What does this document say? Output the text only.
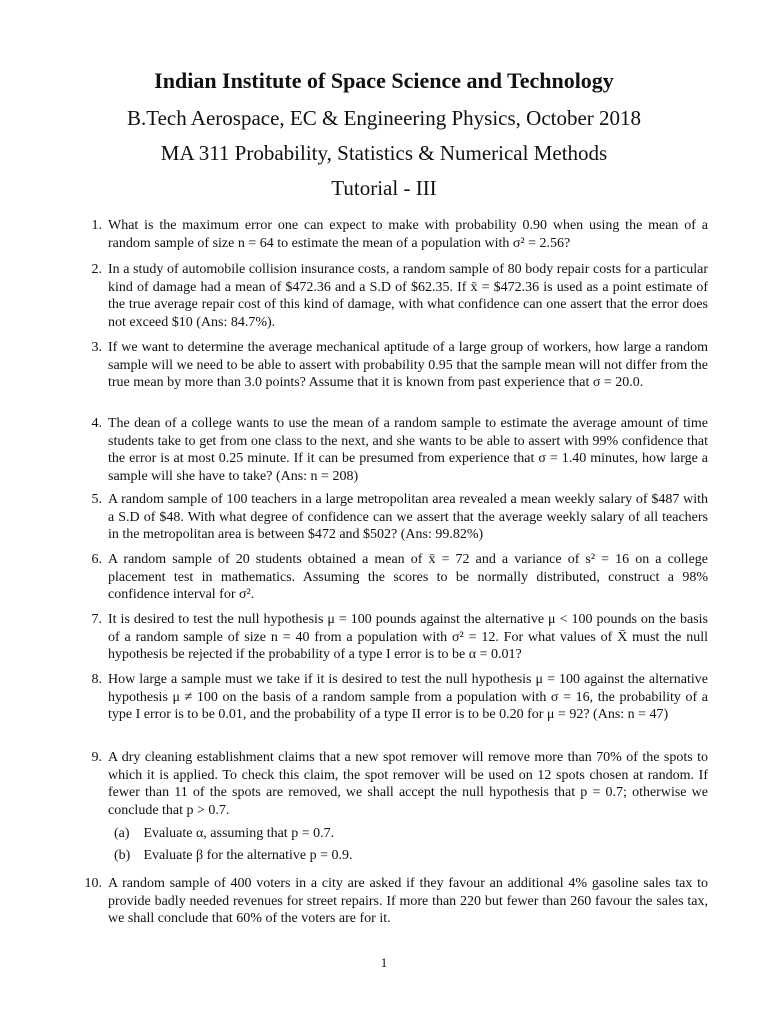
Indian Institute of Space Science and Technology
B.Tech Aerospace, EC & Engineering Physics, October 2018
MA 311 Probability, Statistics & Numerical Methods
Tutorial - III
1. What is the maximum error one can expect to make with probability 0.90 when using the mean of a random sample of size n = 64 to estimate the mean of a population with σ² = 2.56?
2. In a study of automobile collision insurance costs, a random sample of 80 body repair costs for a particular kind of damage had a mean of $472.36 and a S.D of $62.35. If x̄ = $472.36 is used as a point estimate of the true average repair cost of this kind of damage, with what confidence can one assert that the error does not exceed $10 (Ans: 84.7%).
3. If we want to determine the average mechanical aptitude of a large group of workers, how large a random sample will we need to be able to assert with probability 0.95 that the sample mean will not differ from the true mean by more than 3.0 points? Assume that it is known from past experience that σ = 20.0.
4. The dean of a college wants to use the mean of a random sample to estimate the average amount of time students take to get from one class to the next, and she wants to be able to assert with 99% confidence that the error is at most 0.25 minute. If it can be presumed from experience that σ = 1.40 minutes, how large a sample will she have to take? (Ans: n = 208)
5. A random sample of 100 teachers in a large metropolitan area revealed a mean weekly salary of $487 with a S.D of $48. With what degree of confidence can we assert that the average weekly salary of all teachers in the metropolitan area is between $472 and $502? (Ans: 99.82%)
6. A random sample of 20 students obtained a mean of x̄ = 72 and a variance of s² = 16 on a college placement test in mathematics. Assuming the scores to be normally distributed, construct a 98% confidence interval for σ².
7. It is desired to test the null hypothesis μ = 100 pounds against the alternative μ < 100 pounds on the basis of a random sample of size n = 40 from a population with σ² = 12. For what values of X̄ must the null hypothesis be rejected if the probability of a type I error is to be α = 0.01?
8. How large a sample must we take if it is desired to test the null hypothesis μ = 100 against the alternative hypothesis μ ≠ 100 on the basis of a random sample from a population with σ = 16, the probability of a type I error is to be 0.01, and the probability of a type II error is to be 0.20 for μ = 92? (Ans: n = 47)
9. A dry cleaning establishment claims that a new spot remover will remove more than 70% of the spots to which it is applied. To check this claim, the spot remover will be used on 12 spots chosen at random. If fewer than 11 of the spots are removed, we shall accept the null hypothesis that p = 0.7; otherwise we conclude that p > 0.7.
(a) Evaluate α, assuming that p = 0.7.
(b) Evaluate β for the alternative p = 0.9.
10. A random sample of 400 voters in a city are asked if they favour an additional 4% gasoline sales tax to provide badly needed revenues for street repairs. If more than 220 but fewer than 260 favour the sales tax, we shall conclude that 60% of the voters are for it.
1
